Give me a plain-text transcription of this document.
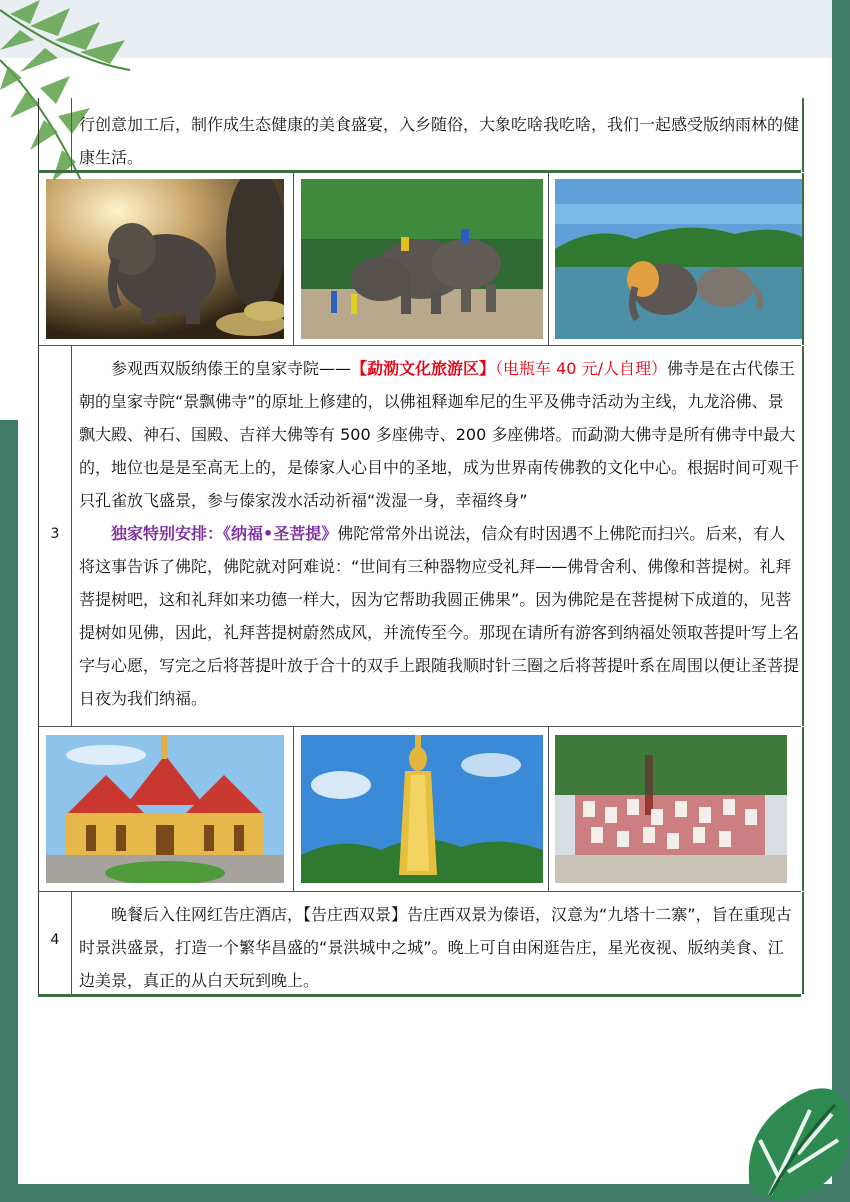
行创意加工后，制作成生态健康的美食盛宴，入乡随俗，大象吃啥我吃啥，我们一起感受版纳雨林的健康生活。

3

参观西双版纳傣王的皇家寺院——【勐泐文化旅游区】（电瓶车 40 元/人自理）佛寺是在古代傣王朝的皇家寺院“景飘佛寺”的原址上修建的，以佛祖释迦牟尼的生平及佛寺活动为主线，九龙浴佛、景飘大殿、神石、国殿、吉祥大佛等有 500 多座佛寺、200 多座佛塔。而勐泐大佛寺是所有佛寺中最大的，地位也是是至高无上的，是傣家人心目中的圣地，成为世界南传佛教的文化中心。根据时间可观千只孔雀放飞盛景，参与傣家泼水活动祈福“泼湿一身，幸福终身”

独家特别安排：《纳福•圣菩提》佛陀常常外出说法，信众有时因遇不上佛陀而扫兴。后来，有人将这事告诉了佛陀，佛陀就对阿难说：“世间有三种器物应受礼拜——佛骨舍利、佛像和菩提树。礼拜菩提树吧，这和礼拜如来功德一样大，因为它帮助我圆正佛果”。因为佛陀是在菩提树下成道的，见菩提树如见佛，因此，礼拜菩提树蔚然成风，并流传至今。那现在请所有游客到纳福处领取菩提叶写上名字与心愿，写完之后将菩提叶放于合十的双手上跟随我顺时针三圈之后将菩提叶系在周围以便让圣菩提日夜为我们纳福。

4

晚餐后入住网红告庄酒店，【告庄西双景】告庄西双景为傣语，汉意为“九塔十二寨”，旨在重现古时景洪盛景，打造一个繁华昌盛的“景洪城中之城”。晚上可自由闲逛告庄，星光夜视、版纳美食、江边美景，真正的从白天玩到晚上。
